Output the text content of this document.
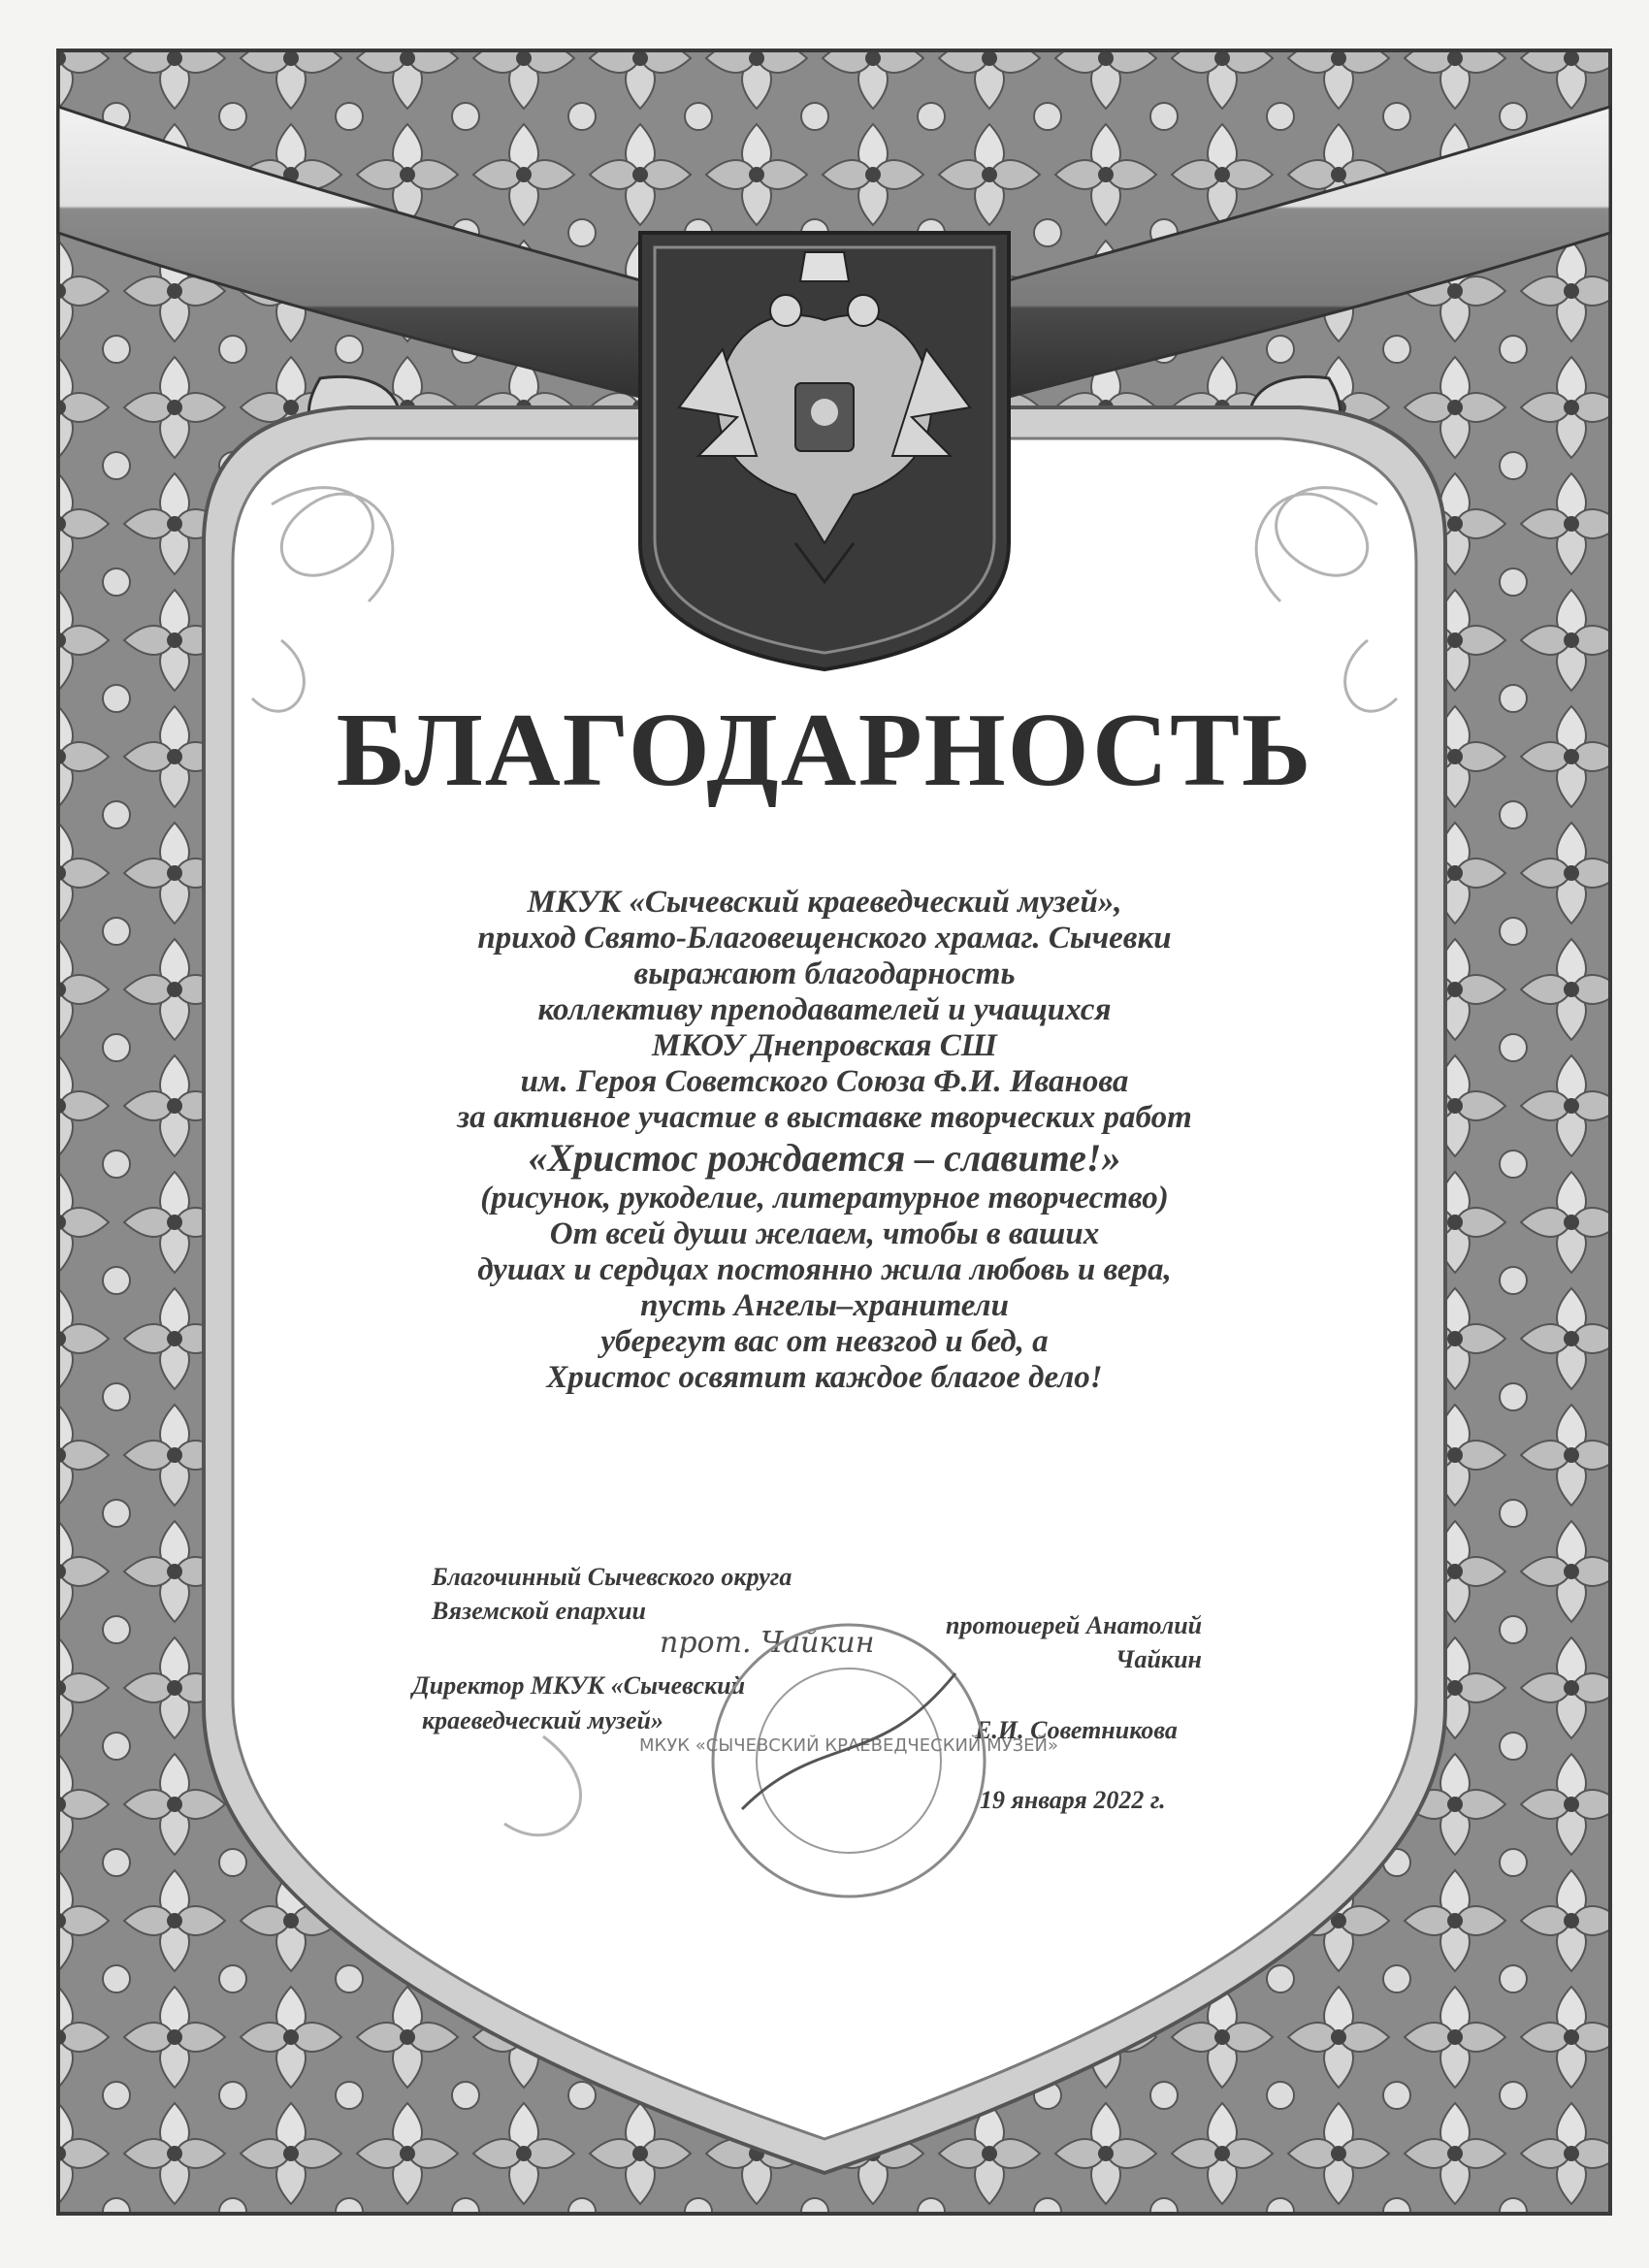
БЛАГОДАРНОСТЬ
МКУК «Сычевский краеведческий музей»,
приход Свято-Благовещенского храмаг. Сычевки
выражают благодарность
коллективу преподавателей и учащихся
МКОУ Днепровская СШ
им. Героя Советского Союза Ф.И. Иванова
за активное участие в выставке творческих работ
«Христос рождается – славите!»
(рисунок, рукоделие, литературное творчество)
От всей души желаем, чтобы в ваших
душах и сердцах постоянно жила любовь и вера,
пусть Ангелы–хранители
уберегут вас от невзгод и бед, а
Христос освятит каждое благое дело!
Благочинный Сычевского округа
Вяземской епархии
протоиерей Анатолий
Чайкин
прот. Чайкин
Директор МКУК «Сычевский
краеведческий музей»	Е.И. Советникова
19 января 2022 г.
МКУК «СЫЧЕВСКИЙ КРАЕВЕДЧЕСКИЙ МУЗЕЙ»
